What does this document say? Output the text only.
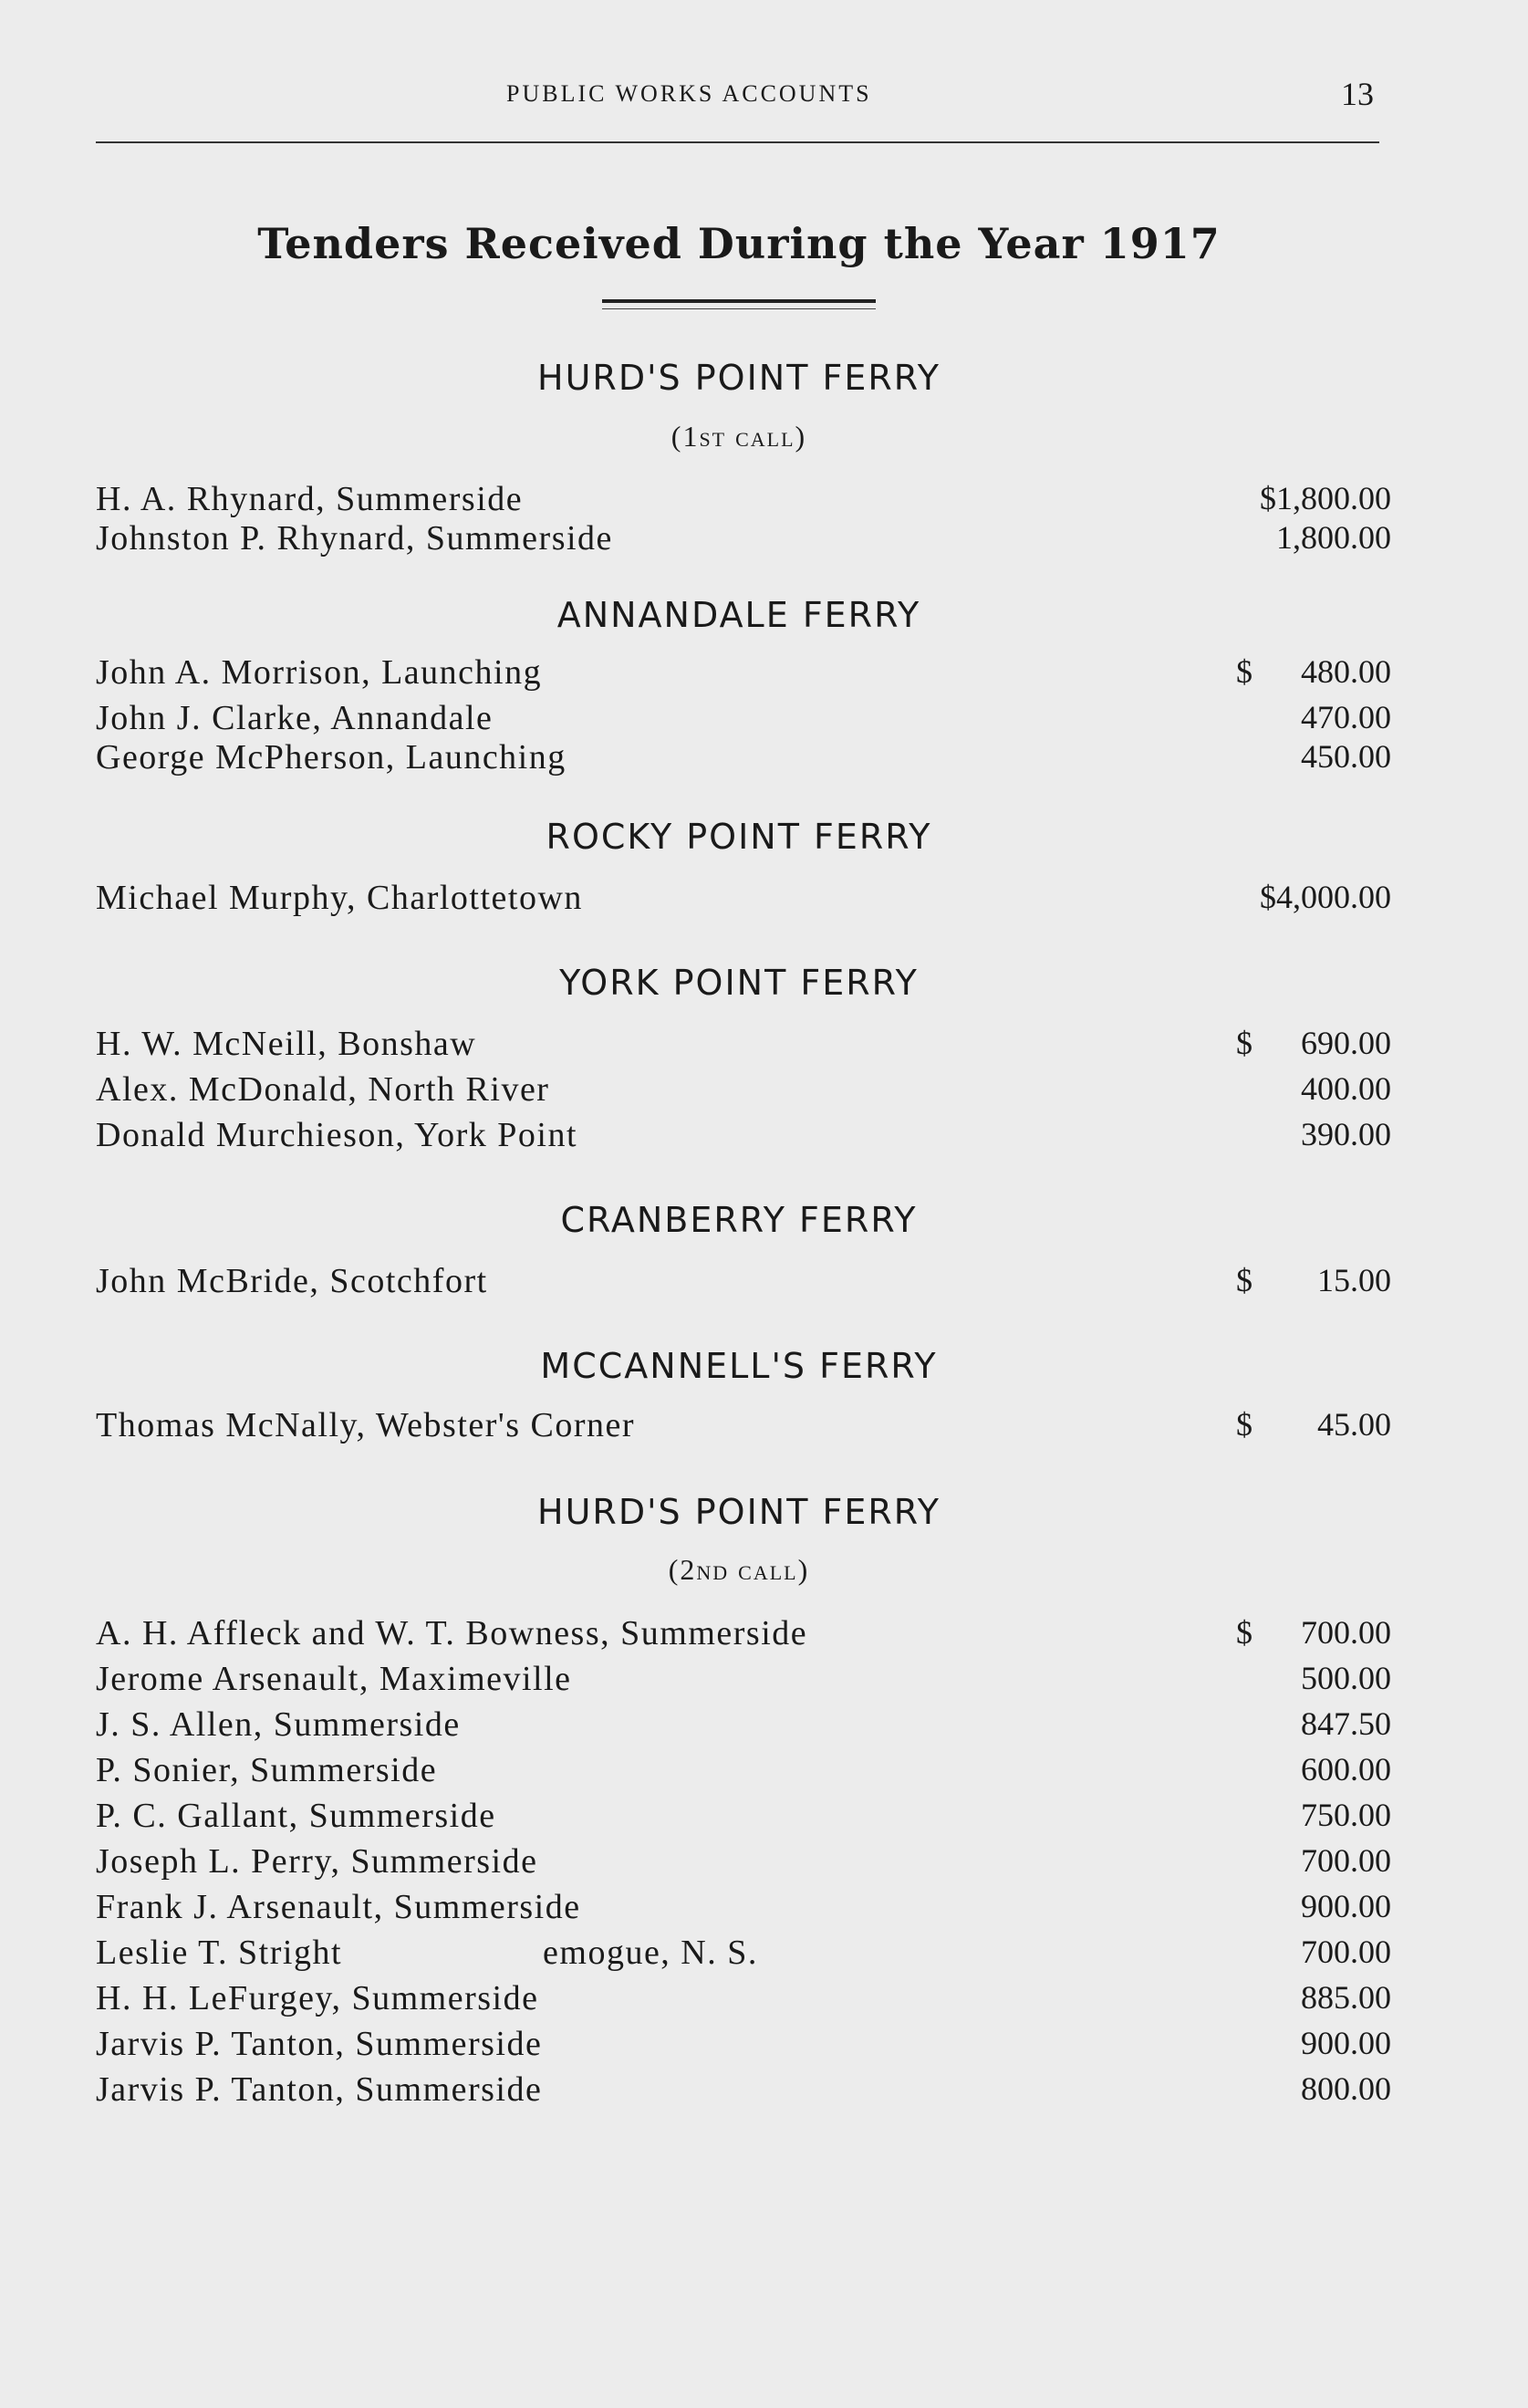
PUBLIC WORKS ACCOUNTS	13
Tenders Received During the Year 1917
HURD'S POINT FERRY
(1st call)
H. A. Rhynard, Summerside	$1,800.00
Johnston P. Rhynard, Summerside	1,800.00
ANNANDALE FERRY
John A. Morrison, Launching	$ 480.00
John J. Clarke, Annandale	470.00
George McPherson, Launching	450.00
ROCKY POINT FERRY
Michael Murphy, Charlottetown	$4,000.00
YORK POINT FERRY
H. W. McNeill, Bonshaw	$ 690.00
Alex. McDonald, North River	400.00
Donald Murchieson, York Point	390.00
CRANBERRY FERRY
John McBride, Scotchfort	$ 15.00
MCCANNELL'S FERRY
Thomas McNally, Webster's Corner	$ 45.00
HURD'S POINT FERRY
(2nd call)
A. H. Affleck and W. T. Bowness, Summerside	$ 700.00
Jerome Arsenault, Maximeville	500.00
J. S. Allen, Summerside	847.50
P. Sonier, Summerside	600.00
P. C. Gallant, Summerside	750.00
Joseph L. Perry, Summerside	700.00
Frank J. Arsenault, Summerside	900.00
Leslie T. Stright                    emogue, N. S.	700.00
H. H. LeFurgey, Summerside	885.00
Jarvis P. Tanton, Summerside	900.00
Jarvis P. Tanton, Summerside	800.00
